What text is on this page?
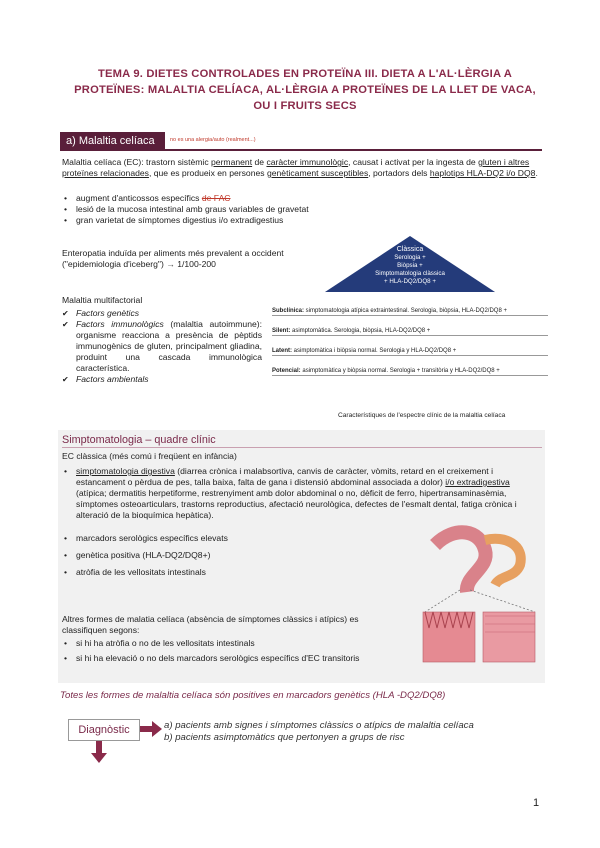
TEMA 9. DIETES CONTROLADES EN PROTEÏNA III. DIETA A L'AL·LÈRGIA A PROTEÏNES: MALALTIA CELÍACA, AL·LÈRGIA A PROTEÏNES DE LA LLET DE VACA, OU I FRUITS SECS
a) Malaltia celíaca	no es una alergia/auto (realment...)
Malaltia celíaca (EC): trastorn sistèmic permanent de caràcter immunològic, causat i activat per la ingesta de gluten i altres proteïnes relacionades, que es produeix en persones genèticament susceptibles, portadors dels haplotips HLA-DQ2 i/o DQ8.
• augment d'anticossos específics de FAC
• lesió de la mucosa intestinal amb graus variables de gravetat
• gran varietat de símptomes digestius i/o extradigestius
Enteropatia induïda per aliments més prevalent a occident
("epidemiologia d'iceberg") → 1/100-200
Malaltia multifactorial
✔ Factors genètics
✔ Factors immunològics (malaltia autoimmune): organisme reacciona a presència de pèptids immunogènics de gluten, principalment gliadina, produint una cascada immunològica característica.
✔ Factors ambientals
Clàssica
Serologia +
Biòpsia +
Simptomatologia clàssica
+ HLA-DQ2/DQ8 +
Subclínica: simptomatologia atípica extraintestinal. Serologia, biòpsia, HLA-DQ2/DQ8 +
Silent: asimptomàtica. Serologia, biòpsia, HLA-DQ2/DQ8 +
Latent: asimptomàtica i biòpsia normal. Serologia y HLA-DQ2/DQ8 +
Potencial: asimptomàtica y biòpsia normal. Serologia + transitòria y HLA-DQ2/DQ8 +
Característiques de l'espectre clínic de la malaltia celíaca
Simptomatologia – quadre clínic
EC clàssica (més comú i freqüent en infància)
• simptomatologia digestiva (diarrea crònica i malabsortiva, canvis de caràcter, vòmits, retard en el creixement i estancament o pèrdua de pes, talla baixa, falta de gana i distensió abdominal associada a dolor) i/o extradigestiva (atípica; dermatitis herpetiforme, restrenyiment amb dolor abdominal o no, dèficit de ferro, hipertransaminasèmia, símptomes osteoarticulars, trastorns reproductius, afectació neurològica, defectes de l'esmalt dental, fatiga crònica i alteració de la bioquímica hepàtica).
• marcadors serològics específics elevats
• genètica positiva (HLA-DQ2/DQ8+)
• atròfia de les vellositats intestinals
Altres formes de malatia celíaca (absència de símptomes clàssics i atípics) es classifiquen segons:
• si hi ha atròfia o no de les vellositats intestinals
• si hi ha elevació o no dels marcadors serològics específics d'EC transitoris
Totes les formes de malaltia celíaca són positives en marcadors genètics (HLA -DQ2/DQ8)
Diagnòstic	a) pacients amb signes i símptomes clàssics o atípics de malaltia celíaca
b) pacients asimptomàtics que pertonyen a grups de risc
1
